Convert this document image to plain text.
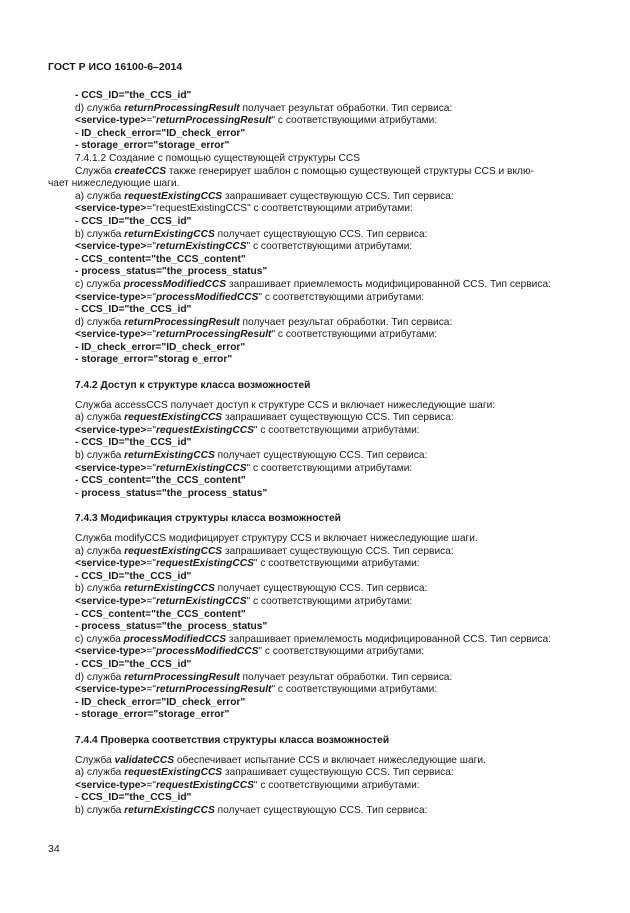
ГОСТ Р ИСО 16100-6–2014
- CCS_ID="the_CCS_id"
d) служба returnProcessingResult получает результат обработки. Тип сервиса:
<service-type>="returnProcessingResult" с соответствующими атрибутами:
- ID_check_error="ID_check_error"
- storage_error="storage_error"
7.4.1.2 Создание с помощью существующей структуры CCS
Служба createCCS также генерирует шаблон с помощью существующей структуры CCS и вклю-
чает нижеследующие шаги.
а) служба requestExistingCCS запрашивает существующую CCS. Тип сервиса:
<service-type>="requestExistingCCS" с соответствующими атрибутами:
- CCS_ID="the_CCS_id"
b) служба returnExistingCCS получает существующую CCS. Тип сервиса:
<service-type>="returnExistingCCS" с соответствующими атрибутами:
- CCS_content="the_CCS_content"
- process_status="the_process_status"
с) служба processModifiedCCS запрашивает приемлемость модифицированной CCS. Тип сервиса:
<service-type>="processModifiedCCS" с соответствующими атрибутами:
- CCS_ID="the_CCS_id"
d) служба returnProcessingResult получает результат обработки. Тип сервиса:
<service-type>="returnProcessingResult" с соответствующими атрибутами:
- ID_check_error="ID_check_error"
- storage_error="storag e_error"
7.4.2 Доступ к структуре класса возможностей
Служба accessCCS получает доступ к структуре CCS и включает нижеследующие шаги:
а) служба requestExistingCCS запрашивает существующую CCS. Тип сервиса:
<service-type>="requestExistingCCS" с соответствующими атрибутами:
- CCS_ID="the_CCS_id"
b) служба returnExistingCCS получает существующую CCS. Тип сервиса:
<service-type>="returnExistingCCS" с соответствующими атрибутами:
- CCS_content="the_CCS_content"
- process_status="the_process_status"
7.4.3 Модификация структуры класса возможностей
Служба modifyCCS модифицирует структуру CCS и включает нижеследующие шаги.
а) служба requestExistingCCS запрашивает существующую CCS. Тип сервиса:
<service-type>="requestExistingCCS" с соответствующими атрибутами:
- CCS_ID="the_CCS_id"
b) служба returnExistingCCS получает существующую CCS. Тип сервиса:
<service-type>="returnExistingCCS" с соответствующими атрибутами:
- CCS_content="the_CCS_content"
- process_status="the_process_status"
с) служба processModifiedCCS запрашивает приемлемость модифицированной CCS. Тип сервиса:
<service-type>="processModifiedCCS" с соответствующими атрибутами:
- CCS_ID="the_CCS_id"
d) служба returnProcessingResult получает результат обработки. Тип сервиса:
<service-type>="returnProcessingResult" с соответствующими атрибутами:
- ID_check_error="ID_check_error"
- storage_error="storage_error"
7.4.4 Проверка соответствия структуры класса возможностей
Служба validateCCS обеспечивает испытание CCS и включает нижеследующие шаги.
а) служба requestExistingCCS запрашивает существующую CCS. Тип сервиса:
<service-type>="requestExistingCCS" с соответствующими атрибутами:
- CCS_ID="the_CCS_id"
b) служба returnExistingCCS получает существующую CCS. Тип сервиса:
34
